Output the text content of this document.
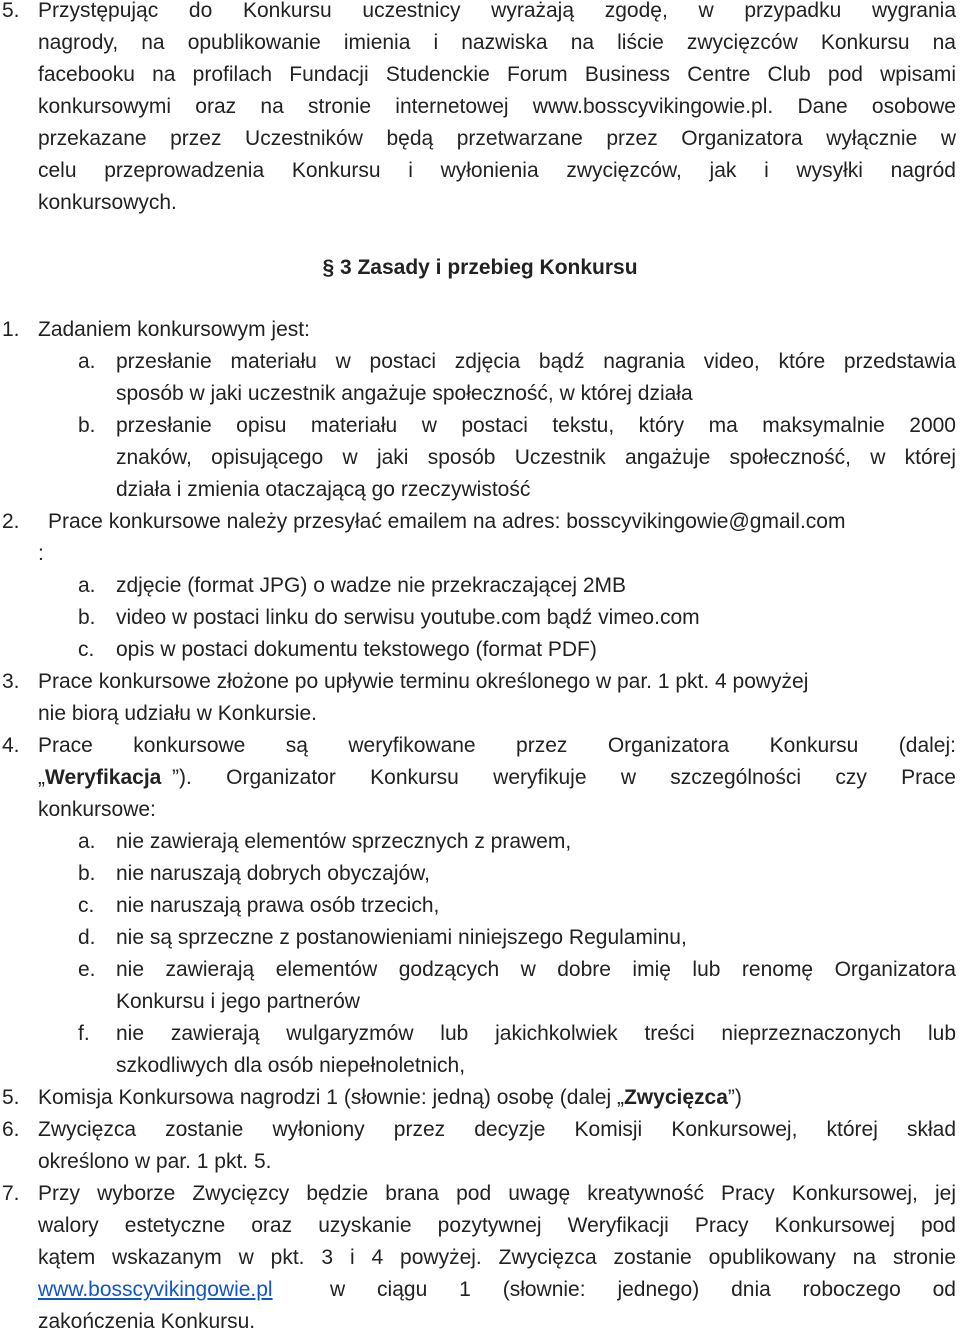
5. Przystępując do Konkursu uczestnicy wyrażają zgodę, w przypadku wygrania
nagrody, na opublikowanie imienia i nazwiska na liście zwycięzców Konkursu na
facebooku na profilach Fundacji Studenckie Forum Business Centre Club pod wpisami
konkursowymi oraz na stronie internetowej www.bosscyvikingowie.pl. Dane osobowe
przekazane przez Uczestników będą przetwarzane przez Organizatora wyłącznie w
celu przeprowadzenia Konkursu i wyłonienia zwycięzców, jak i wysyłki nagród
konkursowych.
§ 3 Zasady i przebieg Konkursu
1. Zadaniem konkursowym jest:
a. przesłanie materiału w postaci zdjęcia bądź nagrania video, które przedstawia
sposób w jaki uczestnik angażuje społeczność, w której działa
b. przesłanie opisu materiału w postaci tekstu, który ma maksymalnie 2000
znaków, opisującego w jaki sposób Uczestnik angażuje społeczność, w której
działa i zmienia otaczającą go rzeczywistość
2. Prace konkursowe należy przesyłać emailem na adres: bosscyvikingowie@gmail.com
:
a. zdjęcie (format JPG) o wadze nie przekraczającej 2MB
b. video w postaci linku do serwisu youtube.com bądź vimeo.com
c. opis w postaci dokumentu tekstowego (format PDF)
3. Prace konkursowe złożone po upływie terminu określonego w par. 1 pkt. 4 powyżej
nie biorą udziału w Konkursie.
4. Prace konkursowe są weryfikowane przez Organizatora Konkursu (dalej:
„Weryfikacja ”). Organizator Konkursu weryfikuje w szczególności czy Prace
konkursowe:
a. nie zawierają elementów sprzecznych z prawem,
b. nie naruszają dobrych obyczajów,
c. nie naruszają prawa osób trzecich,
d. nie są sprzeczne z postanowieniami niniejszego Regulaminu,
e. nie zawierają elementów godzących w dobre imię lub renomę Organizatora
Konkursu i jego partnerów
f. nie zawierają wulgaryzmów lub jakichkolwiek treści nieprzeznaczonych lub
szkodliwych dla osób niepełnoletnich,
5. Komisja Konkursowa nagrodzi 1 (słownie: jedną) osobę (dalej „Zwycięzca”)
6. Zwycięzca zostanie wyłoniony przez decyzje Komisji Konkursowej, której skład
określono w par. 1 pkt. 5.
7. Przy wyborze Zwycięzcy będzie brana pod uwagę kreatywność Pracy Konkursowej, jej
walory estetyczne oraz uzyskanie pozytywnej Weryfikacji Pracy Konkursowej pod
kątem wskazanym w pkt. 3 i 4 powyżej. Zwycięzca zostanie opublikowany na stronie
www.bosscyvikingowie.pl	w ciągu 1 (słownie: jednego) dnia roboczego od
zakończenia Konkursu.
